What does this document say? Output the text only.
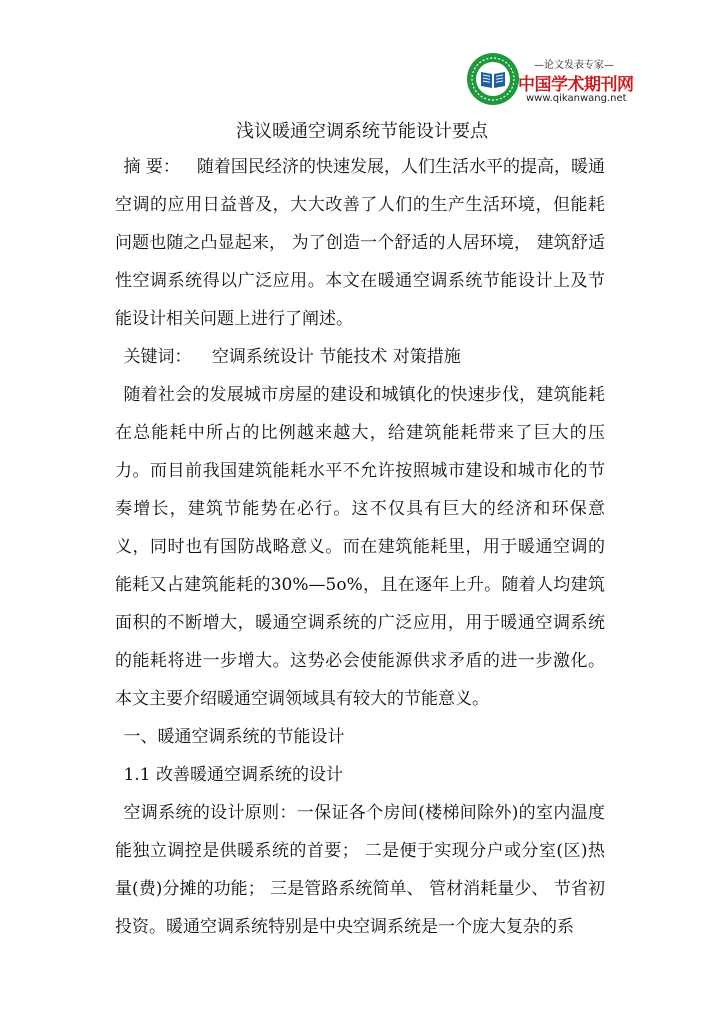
—论文发表专家—
中国学术期刊网
www.qikanwang.net
浅议暖通空调系统节能设计要点

摘 要： 随着国民经济的快速发展，人们生活水平的提高，暖通空调的应用日益普及，大大改善了人们的生产生活环境，但能耗问题也随之凸显起来， 为了创造一个舒适的人居环境， 建筑舒适性空调系统得以广泛应用。本文在暖通空调系统节能设计上及节能设计相关问题上进行了阐述。

关键词： 空调系统设计 节能技术 对策措施

随着社会的发展城市房屋的建设和城镇化的快速步伐，建筑能耗在总能耗中所占的比例越来越大，给建筑能耗带来了巨大的压力。而目前我国建筑能耗水平不允许按照城市建设和城市化的节奏增长，建筑节能势在必行。这不仅具有巨大的经济和环保意义，同时也有国防战略意义。而在建筑能耗里，用于暖通空调的能耗又占建筑能耗的30%—5o%，且在逐年上升。随着人均建筑面积的不断增大，暖通空调系统的广泛应用，用于暖通空调系统的能耗将进一步增大。这势必会使能源供求矛盾的进一步激化。本文主要介绍暖通空调领域具有较大的节能意义。

一、暖通空调系统的节能设计

1.1 改善暖通空调系统的设计

空调系统的设计原则：一保证各个房间(楼梯间除外)的室内温度能独立调控是供暖系统的首要； 二是便于实现分户或分室(区)热量(费)分摊的功能； 三是管路系统简单、 管材消耗量少、 节省初投资。暖通空调系统特别是中央空调系统是一个庞大复杂的系
